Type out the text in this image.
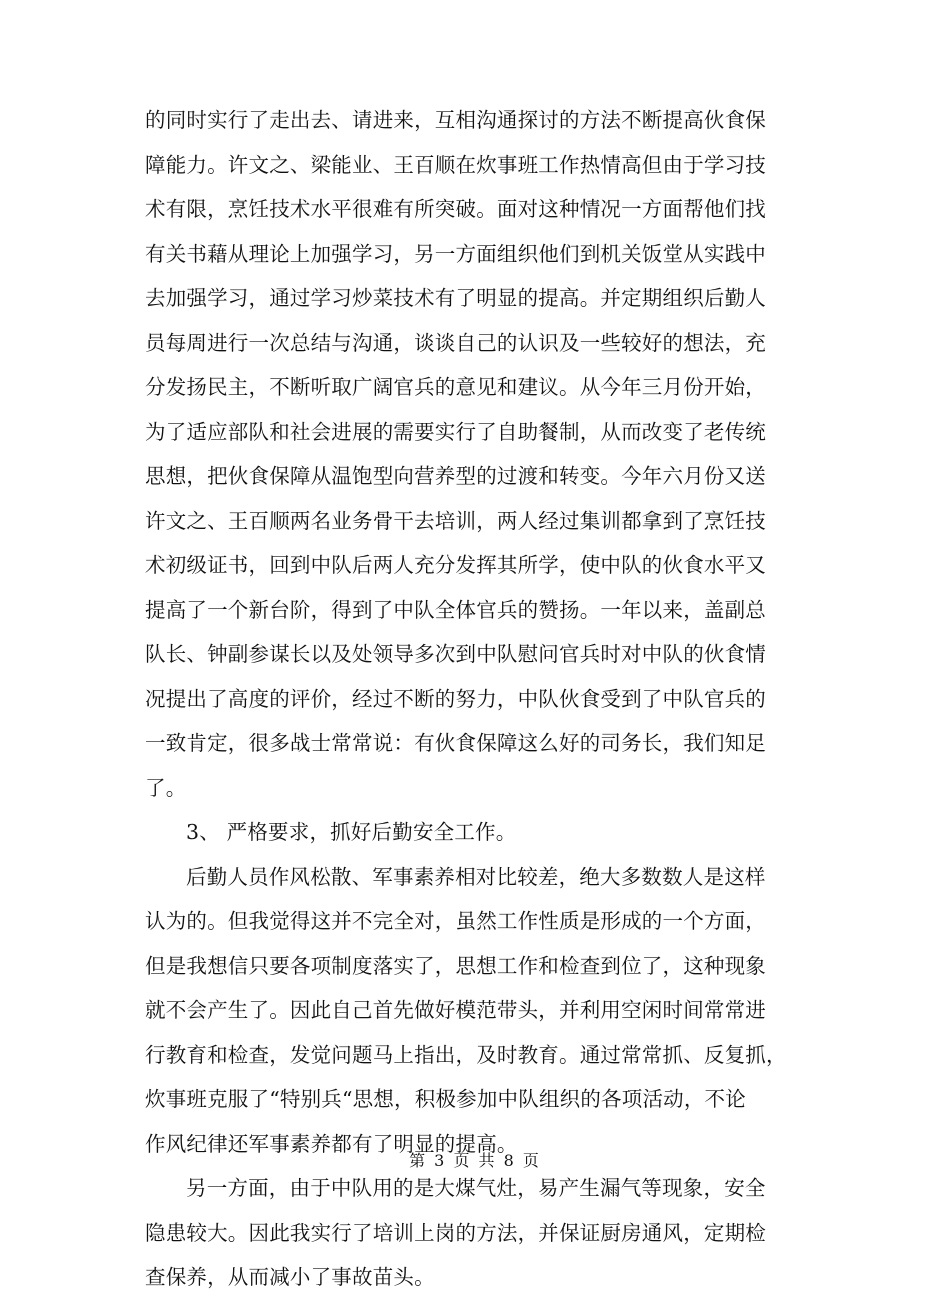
的同时实行了走出去、请进来，互相沟通探讨的方法不断提高伙食保
障能力。许文之、梁能业、王百顺在炊事班工作热情高但由于学习技
术有限，烹饪技术水平很难有所突破。面对这种情况一方面帮他们找
有关书藉从理论上加强学习，另一方面组织他们到机关饭堂从实践中
去加强学习，通过学习炒菜技术有了明显的提高。并定期组织后勤人
员每周进行一次总结与沟通，谈谈自己的认识及一些较好的想法，充
分发扬民主，不断听取广阔官兵的意见和建议。从今年三月份开始，
为了适应部队和社会进展的需要实行了自助餐制，从而改变了老传统
思想，把伙食保障从温饱型向营养型的过渡和转变。今年六月份又送
许文之、王百顺两名业务骨干去培训，两人经过集训都拿到了烹饪技
术初级证书，回到中队后两人充分发挥其所学，使中队的伙食水平又
提高了一个新台阶，得到了中队全体官兵的赞扬。一年以来，盖副总
队长、钟副参谋长以及处领导多次到中队慰问官兵时对中队的伙食情
况提出了高度的评价，经过不断的努力，中队伙食受到了中队官兵的
一致肯定，很多战士常常说：有伙食保障这么好的司务长，我们知足
了。
3、 严格要求，抓好后勤安全工作。
后勤人员作风松散、军事素养相对比较差，绝大多数数人是这样
认为的。但我觉得这并不完全对，虽然工作性质是形成的一个方面，
但是我想信只要各项制度落实了，思想工作和检查到位了，这种现象
就不会产生了。因此自己首先做好模范带头，并利用空闲时间常常进
行教育和检查，发觉问题马上指出，及时教育。通过常常抓、反复抓，
炊事班克服了“特别兵“思想，积极参加中队组织的各项活动，不论
作风纪律还军事素养都有了明显的提高。
另一方面，由于中队用的是大煤气灶，易产生漏气等现象，安全
隐患较大。因此我实行了培训上岗的方法，并保证厨房通风，定期检
查保养，从而减小了事故苗头。
第 3 页 共 8 页
